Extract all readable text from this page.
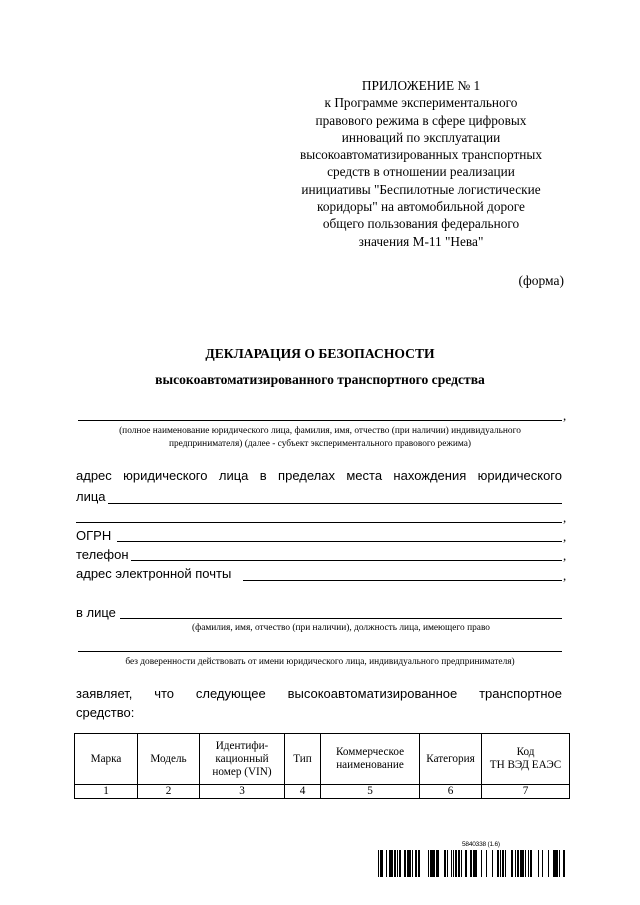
ПРИЛОЖЕНИЕ № 1
к Программе экспериментального
правового режима в сфере цифровых
инноваций по эксплуатации
высокоавтоматизированных транспортных
средств в отношении реализации
инициативы "Беспилотные логистические
коридоры" на автомобильной дороге
общего пользования федерального
значения М-11 "Нева"
(форма)
ДЕКЛАРАЦИЯ О БЕЗОПАСНОСТИ
высокоавтоматизированного транспортного средства
,
(полное наименование юридического лица, фамилия, имя, отчество (при наличии) индивидуального
предпринимателя) (далее - субъект экспериментального правового режима)
адрес юридического лица в пределах места нахождения юридического
лица
,
ОГРН	,
телефон	,
адрес электронной почты	,
в лице
(фамилия, имя, отчество (при наличии), должность лица, имеющего право
без доверенности действовать от имени юридического лица, индивидуального предпринимателя)
заявляет, что следующее высокоавтоматизированное транспортное
средство:
Марка	Модель	Идентифи-
кационный
номер (VIN)	Тип	Коммерческое
наименование	Категория	Код
ТН ВЭД ЕАЭС
1	2	3	4	5	6	7
5840338 (1.6)
